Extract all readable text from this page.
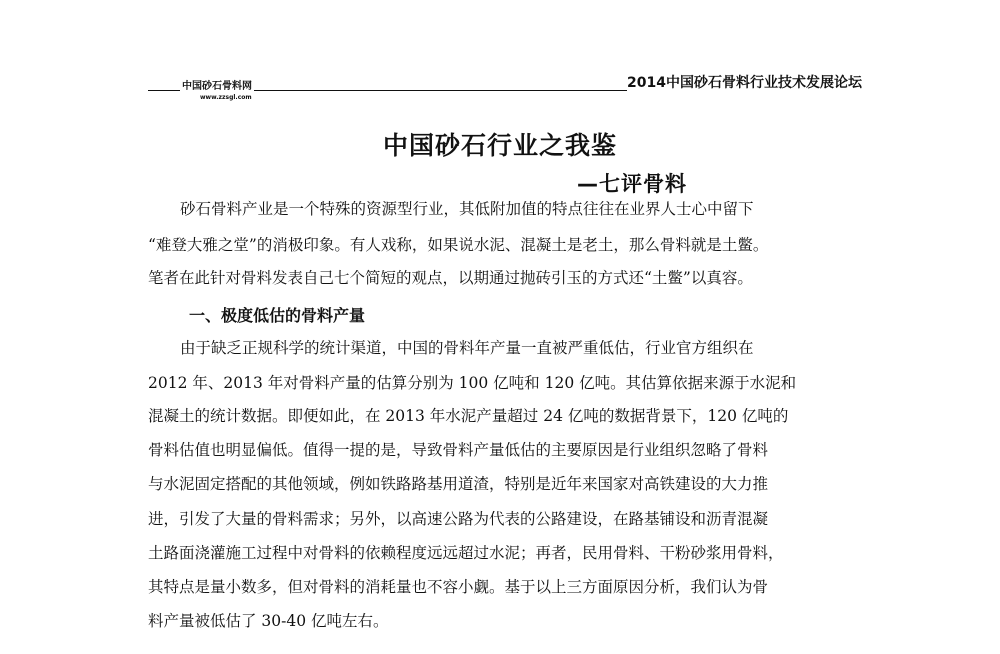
中国砂石骨料网
www.zzsgl.com
2014中国砂石骨料行业技术发展论坛
中国砂石行业之我鉴
—七评骨料
砂石骨料产业是一个特殊的资源型行业，其低附加值的特点往往在业界人士心中留下
“难登大雅之堂”的消极印象。有人戏称，如果说水泥、混凝土是老土，那么骨料就是土鳖。
笔者在此针对骨料发表自己七个简短的观点，以期通过抛砖引玉的方式还“土鳖”以真容。
一、极度低估的骨料产量
由于缺乏正规科学的统计渠道，中国的骨料年产量一直被严重低估，行业官方组织在
2012 年、2013 年对骨料产量的估算分别为 100 亿吨和 120 亿吨。其估算依据来源于水泥和
混凝土的统计数据。即便如此，在 2013 年水泥产量超过 24 亿吨的数据背景下，120 亿吨的
骨料估值也明显偏低。值得一提的是，导致骨料产量低估的主要原因是行业组织忽略了骨料
与水泥固定搭配的其他领域，例如铁路路基用道渣，特别是近年来国家对高铁建设的大力推
进，引发了大量的骨料需求；另外，以高速公路为代表的公路建设，在路基铺设和沥青混凝
土路面浇灌施工过程中对骨料的依赖程度远远超过水泥；再者，民用骨料、干粉砂浆用骨料，
其特点是量小数多，但对骨料的消耗量也不容小觑。基于以上三方面原因分析，我们认为骨
料产量被低估了 30-40 亿吨左右。
